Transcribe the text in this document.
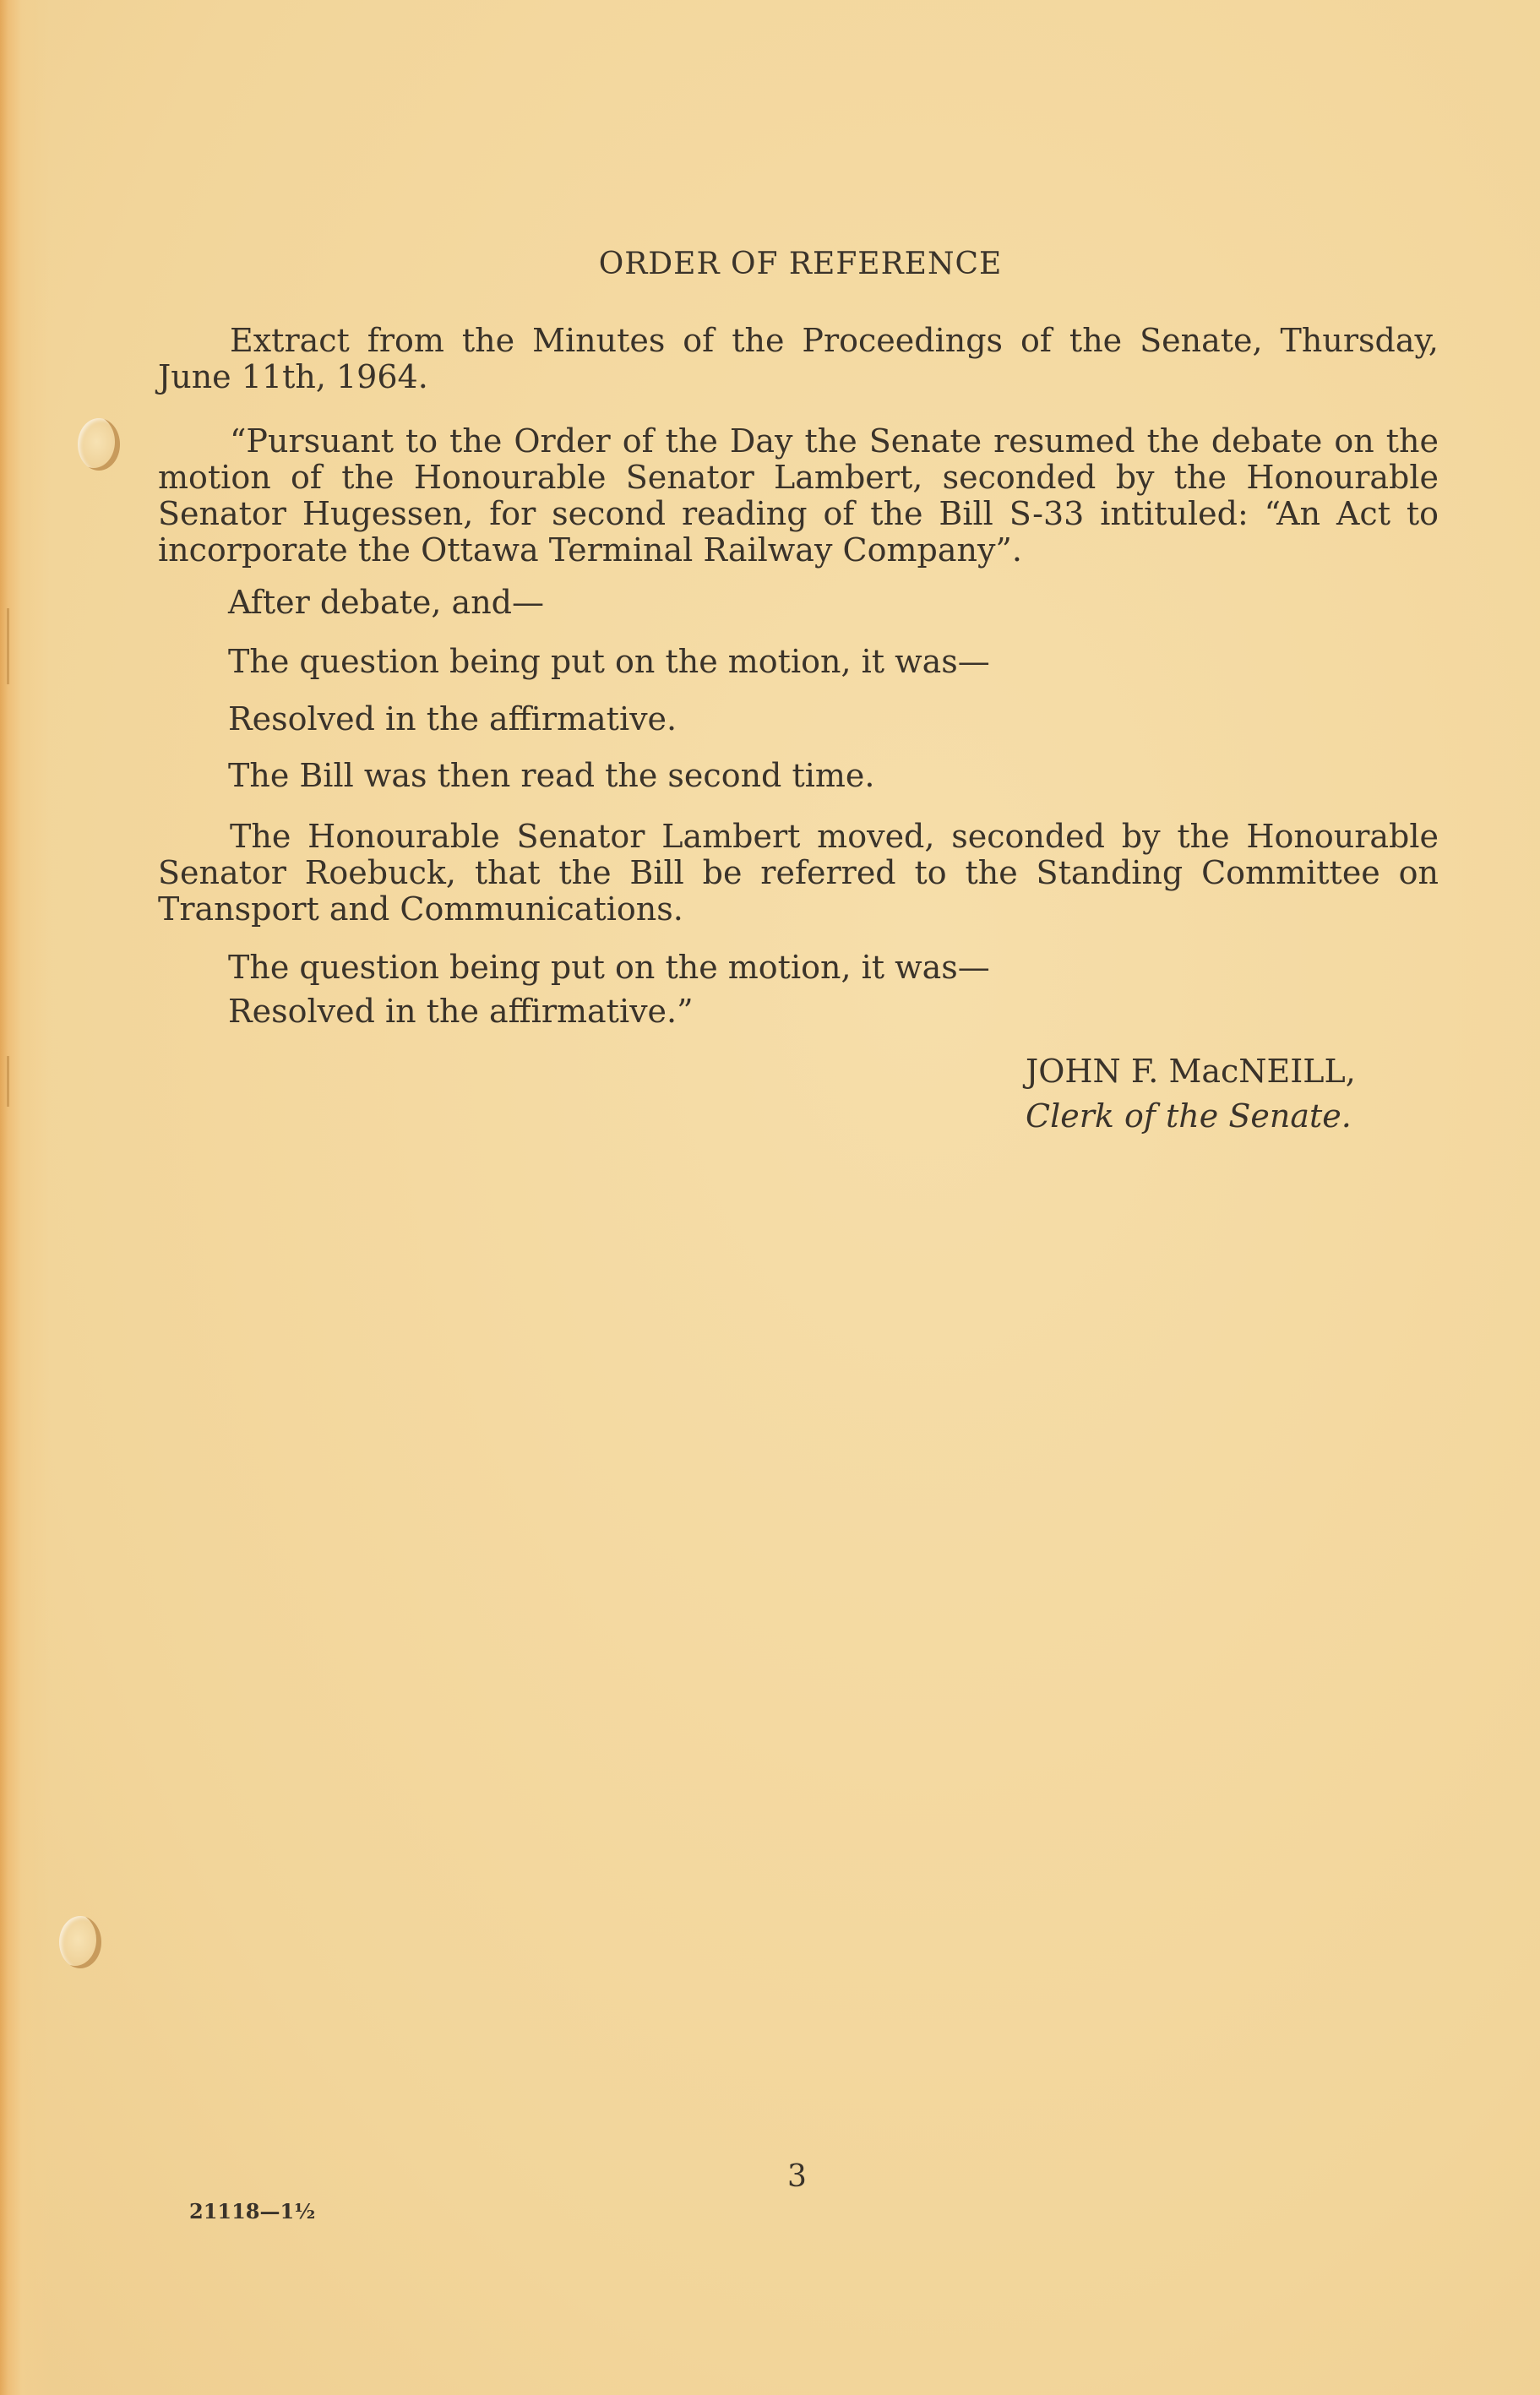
ORDER OF REFERENCE

Extract from the Minutes of the Proceedings of the Senate, Thursday, June 11th, 1964.

“Pursuant to the Order of the Day the Senate resumed the debate on the motion of the Honourable Senator Lambert, seconded by the Honourable Senator Hugessen, for second reading of the Bill S-33 intituled: “An Act to incorporate the Ottawa Terminal Railway Company”.

After debate, and—
The question being put on the motion, it was—
Resolved in the affirmative.
The Bill was then read the second time.

The Honourable Senator Lambert moved, seconded by the Honourable Senator Roebuck, that the Bill be referred to the Standing Committee on Transport and Communications.

The question being put on the motion, it was—
Resolved in the affirmative.”
JOHN F. MacNEILL,
Clerk of the Senate.
3
21118—1½
